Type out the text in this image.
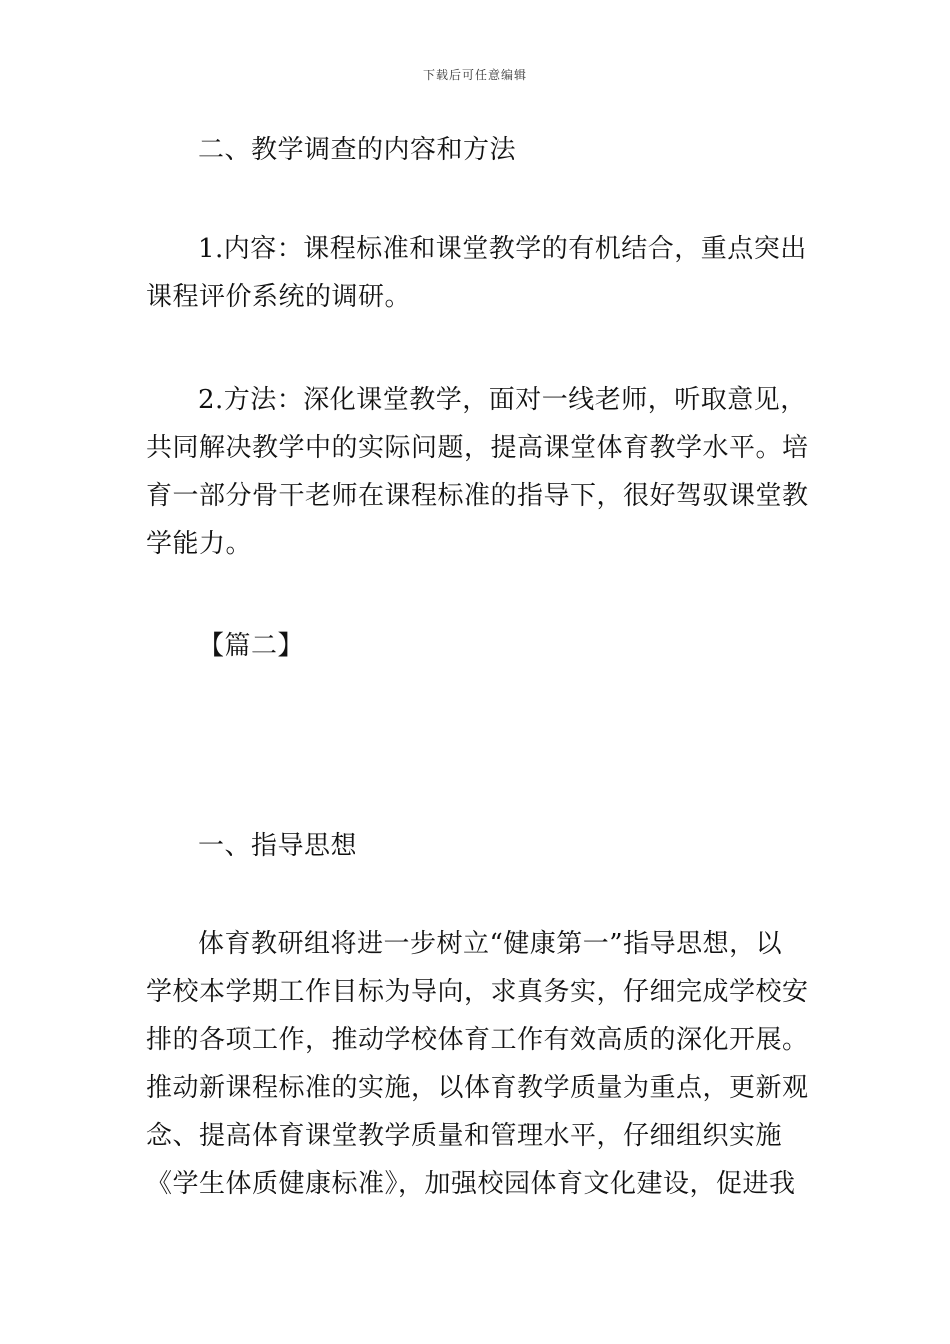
下载后可任意编辑
二、教学调查的内容和方法
1.内容：课程标准和课堂教学的有机结合，重点突出
课程评价系统的调研。
2.方法：深化课堂教学，面对一线老师，听取意见，
共同解决教学中的实际问题，提高课堂体育教学水平。培
育一部分骨干老师在课程标准的指导下，很好驾驭课堂教
学能力。
【篇二】
一、指导思想
体育教研组将进一步树立“健康第一”指导思想，以
学校本学期工作目标为导向，求真务实，仔细完成学校安
排的各项工作，推动学校体育工作有效高质的深化开展。
推动新课程标准的实施，以体育教学质量为重点，更新观
念、提高体育课堂教学质量和管理水平，仔细组织实施
《学生体质健康标准》，加强校园体育文化建设，促进我
